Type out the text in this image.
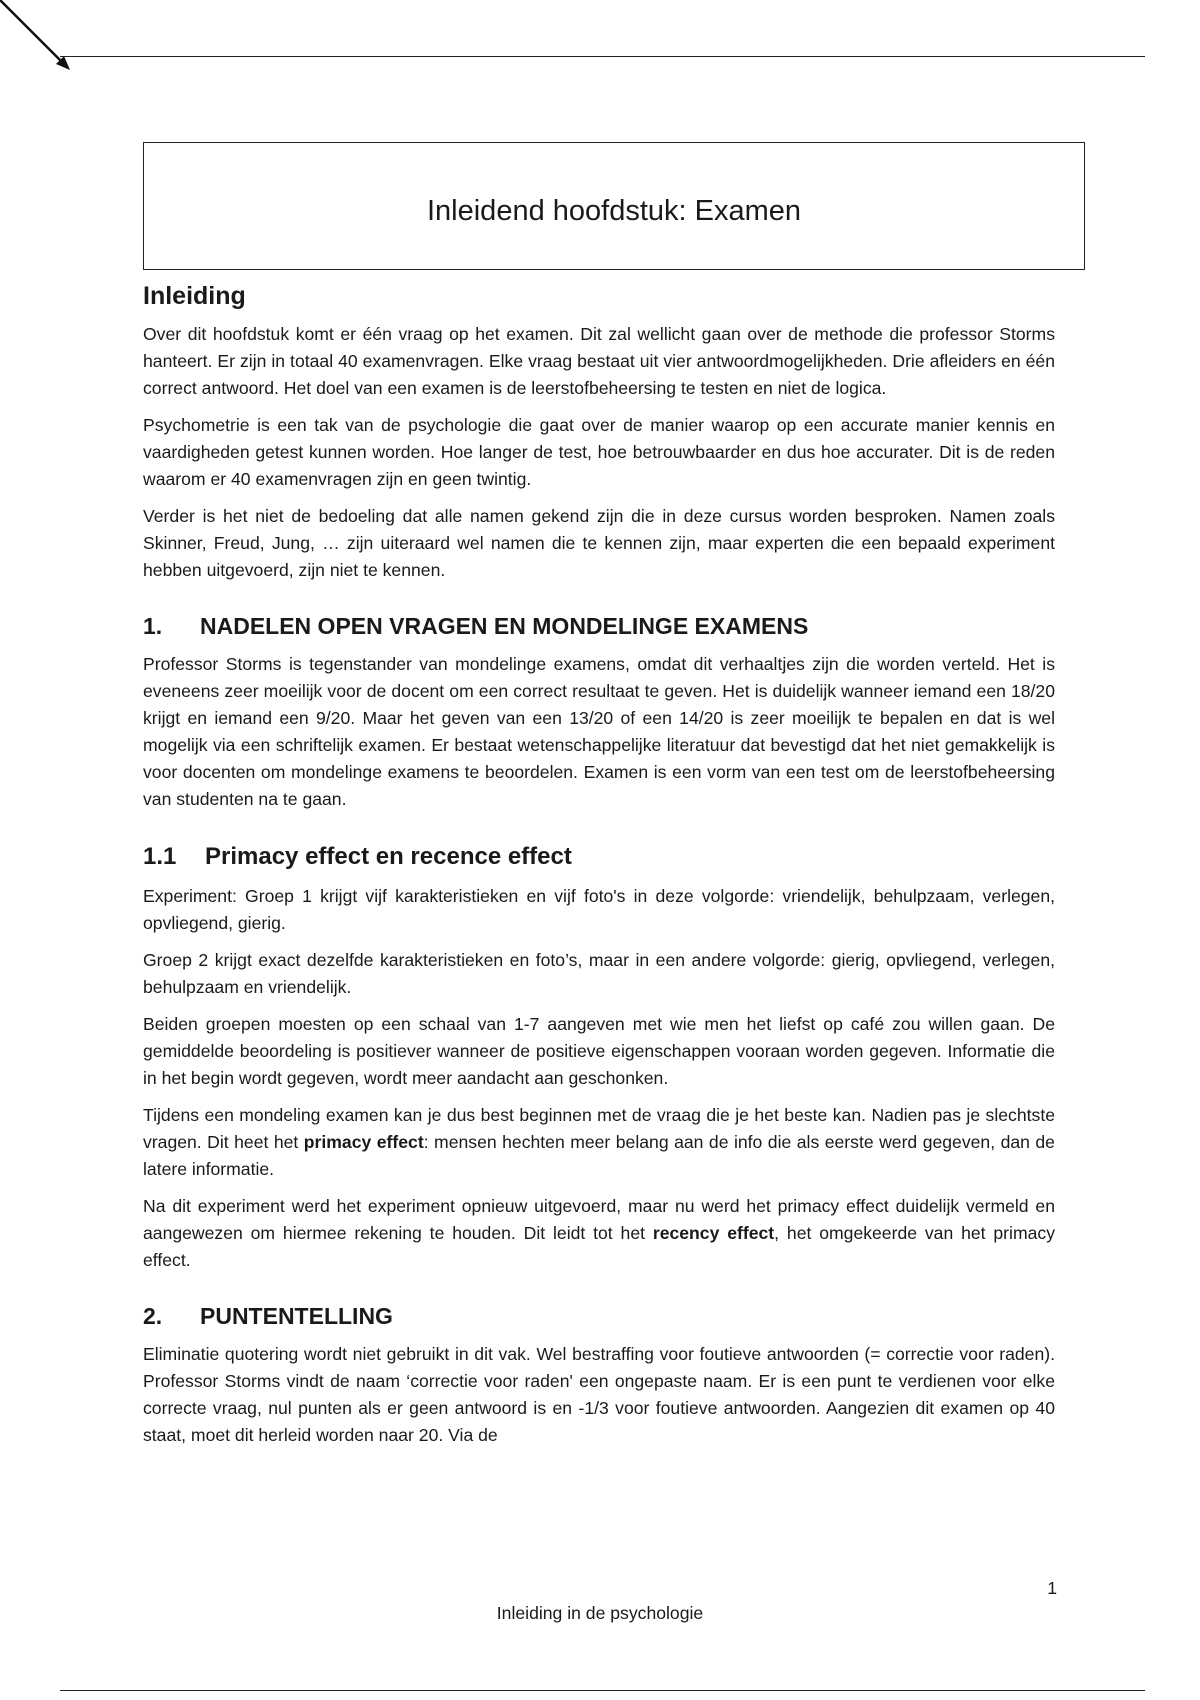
Inleidend hoofdstuk: Examen
Inleiding

Over dit hoofdstuk komt er één vraag op het examen. Dit zal wellicht gaan over de methode die professor Storms hanteert. Er zijn in totaal 40 examenvragen. Elke vraag bestaat uit vier antwoordmogelijkheden. Drie afleiders en één correct antwoord. Het doel van een examen is de leerstofbeheersing te testen en niet de logica.

Psychometrie is een tak van de psychologie die gaat over de manier waarop op een accurate manier kennis en vaardigheden getest kunnen worden. Hoe langer de test, hoe betrouwbaarder en dus hoe accurater. Dit is de reden waarom er 40 examenvragen zijn en geen twintig.

Verder is het niet de bedoeling dat alle namen gekend zijn die in deze cursus worden besproken. Namen zoals Skinner, Freud, Jung, … zijn uiteraard wel namen die te kennen zijn, maar experten die een bepaald experiment hebben uitgevoerd, zijn niet te kennen.

1.	NADELEN OPEN VRAGEN EN MONDELINGE EXAMENS

Professor Storms is tegenstander van mondelinge examens, omdat dit verhaaltjes zijn die worden verteld. Het is eveneens zeer moeilijk voor de docent om een correct resultaat te geven. Het is duidelijk wanneer iemand een 18/20 krijgt en iemand een 9/20. Maar het geven van een 13/20 of een 14/20 is zeer moeilijk te bepalen en dat is wel mogelijk via een schriftelijk examen. Er bestaat wetenschappelijke literatuur dat bevestigd dat het niet gemakkelijk is voor docenten om mondelinge examens te beoordelen. Examen is een vorm van een test om de leerstofbeheersing van studenten na te gaan.

1.1	Primacy effect en recence effect

Experiment: Groep 1 krijgt vijf karakteristieken en vijf foto's in deze volgorde: vriendelijk, behulpzaam, verlegen, opvliegend, gierig.

Groep 2 krijgt exact dezelfde karakteristieken en foto’s, maar in een andere volgorde: gierig, opvliegend, verlegen, behulpzaam en vriendelijk.

Beiden groepen moesten op een schaal van 1-7 aangeven met wie men het liefst op café zou willen gaan. De gemiddelde beoordeling is positiever wanneer de positieve eigenschappen vooraan worden gegeven. Informatie die in het begin wordt gegeven, wordt meer aandacht aan geschonken.

Tijdens een mondeling examen kan je dus best beginnen met de vraag die je het beste kan. Nadien pas je slechtste vragen. Dit heet het primacy effect: mensen hechten meer belang aan de info die als eerste werd gegeven, dan de latere informatie.

Na dit experiment werd het experiment opnieuw uitgevoerd, maar nu werd het primacy effect duidelijk vermeld en aangewezen om hiermee rekening te houden. Dit leidt tot het recency effect, het omgekeerde van het primacy effect.

2.	PUNTENTELLING

Eliminatie quotering wordt niet gebruikt in dit vak. Wel bestraffing voor foutieve antwoorden (= correctie voor raden). Professor Storms vindt de naam ‘correctie voor raden' een ongepaste naam. Er is een punt te verdienen voor elke correcte vraag, nul punten als er geen antwoord is en -1/3 voor foutieve antwoorden. Aangezien dit examen op 40 staat, moet dit herleid worden naar 20. Via de

1
Inleiding in de psychologie
